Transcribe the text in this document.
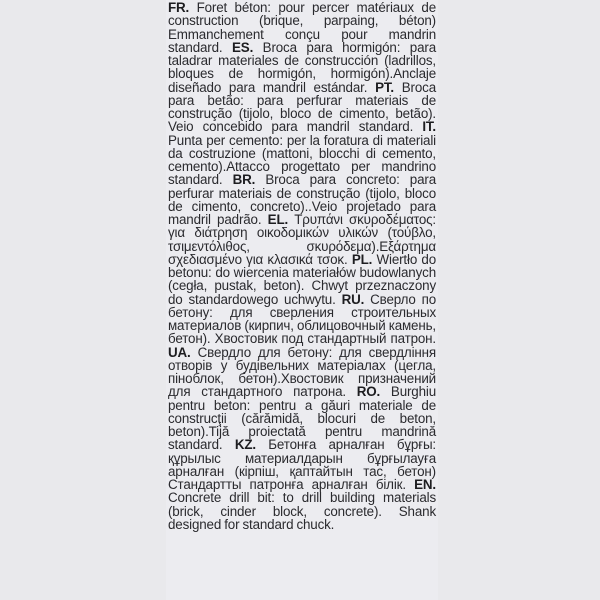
FR. Foret béton: pour percer matériaux de construction (brique, parpaing, béton) Emmanchement conçu pour mandrin standard. ES. Broca para hormigón: para taladrar materiales de construcción (ladrillos, bloques de hormigón, hormigón).Anclaje diseñado para mandril estándar. PT. Broca para betão: para perfurar materiais de construção (tijolo, bloco de cimento, betão). Veio concebido para mandril standard. IT. Punta per cemento: per la foratura di materiali da costruzione (mattoni, blocchi di cemento, cemento).Attacco progettato per mandrino standard. BR. Broca para concreto: para perfurar materiais de construção (tijolo, bloco de cimento, concreto)..Veio projetado para mandril padrão. EL. Τρυπάνι σκυροδέματος: για διάτρηση οικοδομικών υλικών (τούβλο, τσιμεντόλιθος, σκυρόδεμα).Εξάρτημα σχεδιασμένο για κλασικά τσοκ. PL. Wiertło do betonu: do wiercenia materiałów budowlanych (cegła, pustak, beton). Chwyt przeznaczony do standardowego uchwytu. RU. Сверло по бетону: для сверления строительных материалов (кирпич, облицовочный камень, бетон). Хвостовик под стандартный патрон. UA. Свердло для бетону: для свердління отворів у будівельних матеріалах (цегла, піноблок, бетон).Хвостовик призначений для стандартного патрона. RO. Burghiu pentru beton: pentru a găuri materiale de construcţii (cărămidă, blocuri de beton, beton).Tijă proiectată pentru mandrină standard. KZ. Бетонға арналған бұрғы: құрылыс материалдарын бұрғылауға арналған (кірпіш, қаптайтын тас, бетон) Стандартты патронға арналған білік. EN. Concrete drill bit: to drill building materials (brick, cinder block, concrete). Shank designed for standard chuck.
